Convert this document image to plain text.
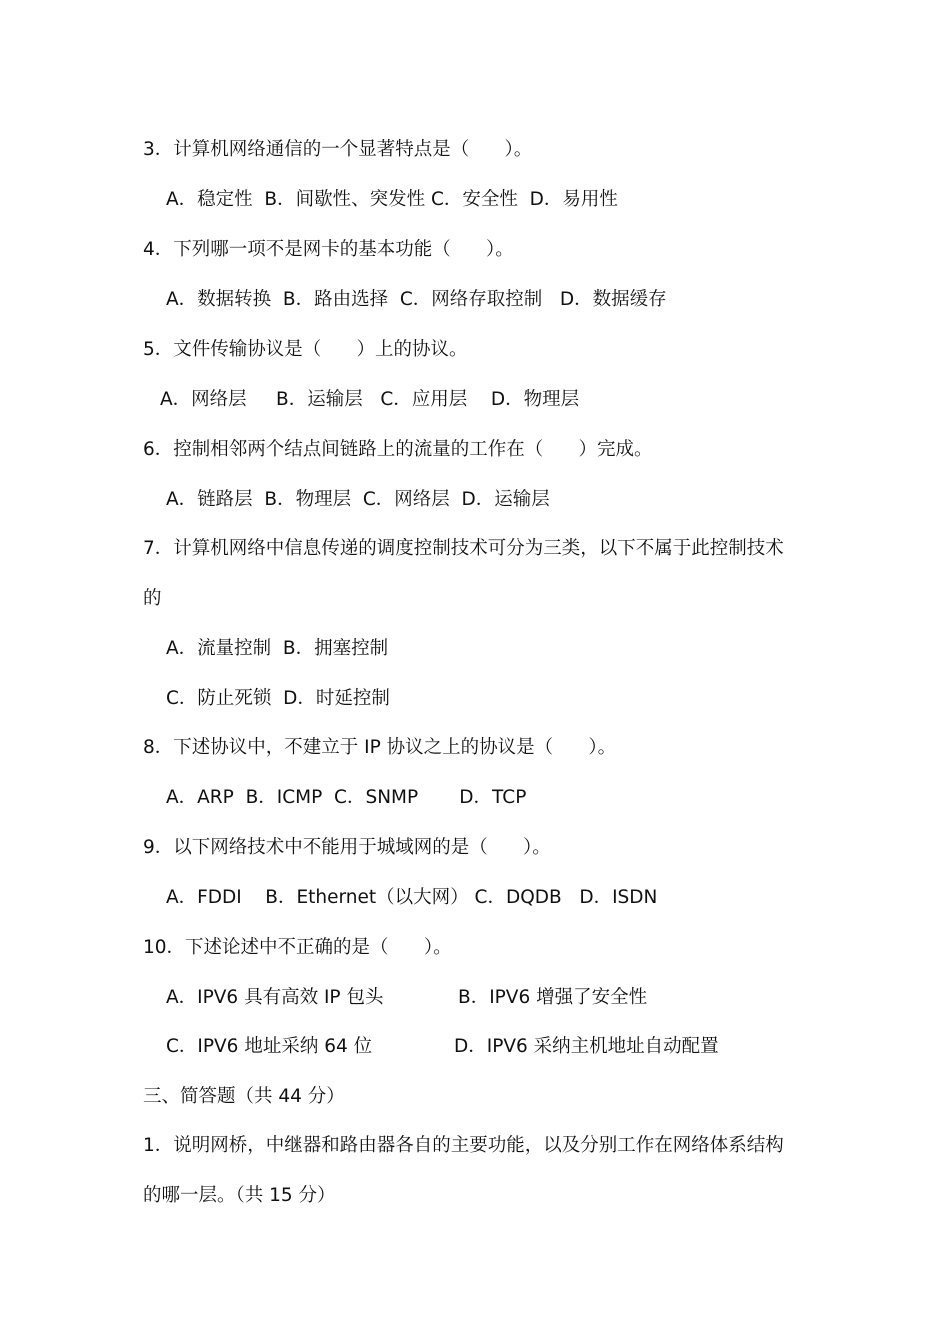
3．计算机网络通信的一个显著特点是（      ）。
A．稳定性  B．间歇性、突发性 C．安全性  D．易用性
4．下列哪一项不是网卡的基本功能（      ）。
A．数据转换  B．路由选择  C．网络存取控制   D．数据缓存
5．文件传输协议是（      ）上的协议。
A．网络层     B．运输层   C．应用层    D．物理层
6．控制相邻两个结点间链路上的流量的工作在（      ）完成。
A．链路层  B．物理层  C．网络层  D．运输层
7．计算机网络中信息传递的调度控制技术可分为三类，以下不属于此控制技术
的
A．流量控制  B．拥塞控制
C．防止死锁  D．时延控制
8．下述协议中，不建立于 IP 协议之上的协议是（      ）。
A．ARP  B．ICMP  C．SNMP       D．TCP
9．以下网络技术中不能用于城域网的是（      ）。
A．FDDI    B．Ethernet（以大网） C．DQDB   D．ISDN
10．下述论述中不正确的是（      ）。
A．IPV6 具有高效 IP 包头	B．IPV6 增强了安全性
C．IPV6 地址采纳 64 位	D．IPV6 采纳主机地址自动配置
三、简答题（共 44 分）
1．说明网桥，中继器和路由器各自的主要功能，以及分别工作在网络体系结构
的哪一层。（共 15 分）
